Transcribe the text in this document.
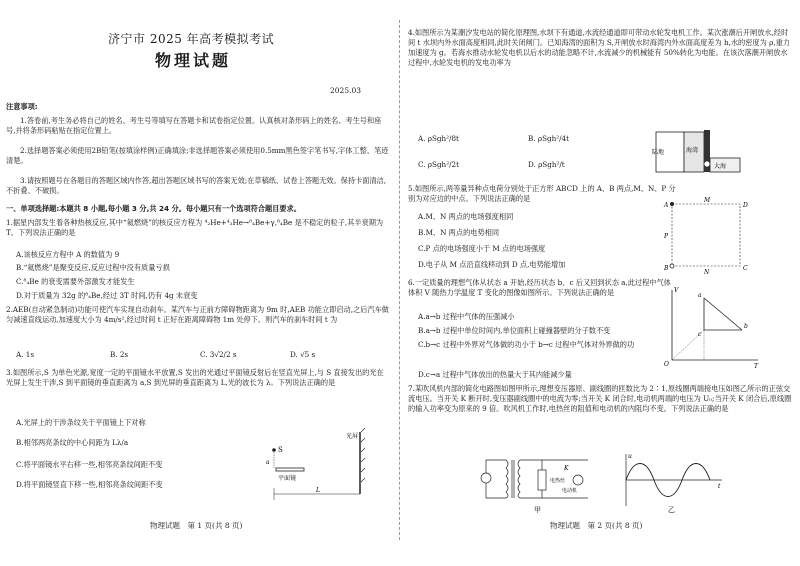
济宁市 2025 年高考模拟考试
物理试题
2025.03
注意事项:

1.答卷前,考生务必将自己的姓名、考生号等填写在答题卡和试卷指定位置。认真核对条形码上的姓名、考生号和座号,并将条形码粘贴在指定位置上。

2.选择题答案必须使用2B铅笔(按填涂样例)正确填涂;非选择题答案必须使用0.5mm黑色签字笔书写,字体工整、笔迹清楚。

3.请按照题号在各题目的答题区域内作答,超出答题区域书写的答案无效;在草稿纸、试卷上答题无效。保持卡面清洁,不折叠、不破损。

一、单项选择题:本题共 8 小题,每小题 3 分,共 24 分。每小题只有一个选项符合题目要求。

1.据星内部发生着各种热核反应,其中“氦燃烧”的核反应方程为 ⁴₂He+⁴₂He→⁸₄Be+γ,⁸₄Be 是不稳定的粒子,其半衰期为 T。下列说法正确的是

A.该核反应方程中 A 的数值为 9
B.“氦燃烧”是聚变反应,反应过程中没有质量亏损
C.⁸₄Be 的衰变需要外部激发才能发生
D.对于质量为 32g 的⁸₄Be,经过 3T 时间,仍有 4g 未衰变

2.AEB(自动紧急制动)功能可使汽车实现自动刹车。某汽车与正前方障碍物距离为 9m 时,AEB 功能立即启动,之后汽车做匀减速直线运动,加速度大小为 4m/s²,经过时间 t 正好在距离障碍物 1m 处停下。则汽车的刹车时间 t 为

A. 1s	B. 2s	C. 3√2/2 s	D. √5 s

3.如图所示,S 为单色光源,宽度一定的平面镜水平放置,S 发出的光通过平面镜反射后在竖直光屏上,与 S 直接发出的光在光屏上发生干涉,S 到平面镜的垂直距离为 a,S 到光屏的垂直距离为 L,光的波长为 λ。下列说法正确的是

A.光屏上的干涉条纹关于平面镜上下对称
B.相邻两亮条纹的中心间距为 Lλ/a
C.将平面镜水平右移一些,相邻亮条纹间距不变
D.将平面镜竖直下移一些,相邻亮条纹间距不变
光屏
S
a
平面镜
L
物理试题　第 1 页(共 8 页)

4.如图所示为某潮汐发电站的简化原理图,水坝下有通道,水流经通道即可带动水轮发电机工作。某次涨潮后开闸放水,经时间 t 水坝内外水面高度相同,此时关闭闸门。已知海湾的面积为 S,开闸放水时海湾内外水面高度差为 h,水的密度为 ρ,重力加速度为 g。若海水推动水轮发电机以后水的动能忽略不计,水流减少的机械能有 50%转化为电能。在该次落潮开闸放水过程中,水轮发电机的发电功率为

A. ρSgh²/8t	B. ρSgh²/4t
C. ρSgh²/2t	D. ρSgh²/t
陆地	海湾
大海

5.如图所示,两等量异种点电荷分别处于正方形 ABCD 上的 A、B 两点,M、N、P 分别为对应边的中点。下列说法正确的是

A.M、N 两点的电场强度相同
B.M、N 两点的电势相同
C.P 点的电场强度小于 M 点的电场强度
D.电子从 M 点沿直线移动到 D 点,电势能增加
A
B	C
D
M
N
P

6.一定质量的理想气体从状态 a 开始,经历状态 b、c 后又回到状态 a,此过程中气体体积 V 随热力学温度 T 变化的图像如图所示。下列说法正确的是

A.a→b 过程中气体的压强减小
B.a→b 过程中单位时间内,单位面积上碰撞器壁的分子数不变

C.b→c 过程中外界对气体做的功小于 b→c 过程中气体对外界做的功

D.c→a 过程中气体放出的热量大于其内能减少量
V
T
O
a
b
c

7.某吹风机内部的简化电路图如图甲所示,理想变压器原、副线圈的匝数比为 2∶1,原线圈两端接电压如图乙所示的正弦交流电压。当开关 K 断开时,变压器副线圈中的电流为零;当开关 K 闭合时,电动机两端的电压为 U₀;当开关 K 闭合后,原线圈的输入功率变为原来的 9 倍。吹风机工作时,电热丝的阻值和电动机的内阻均不变。下列说法正确的是

电热丝
K
电动机
甲
u
t
乙
物理试题　第 2 页(共 8 页)
